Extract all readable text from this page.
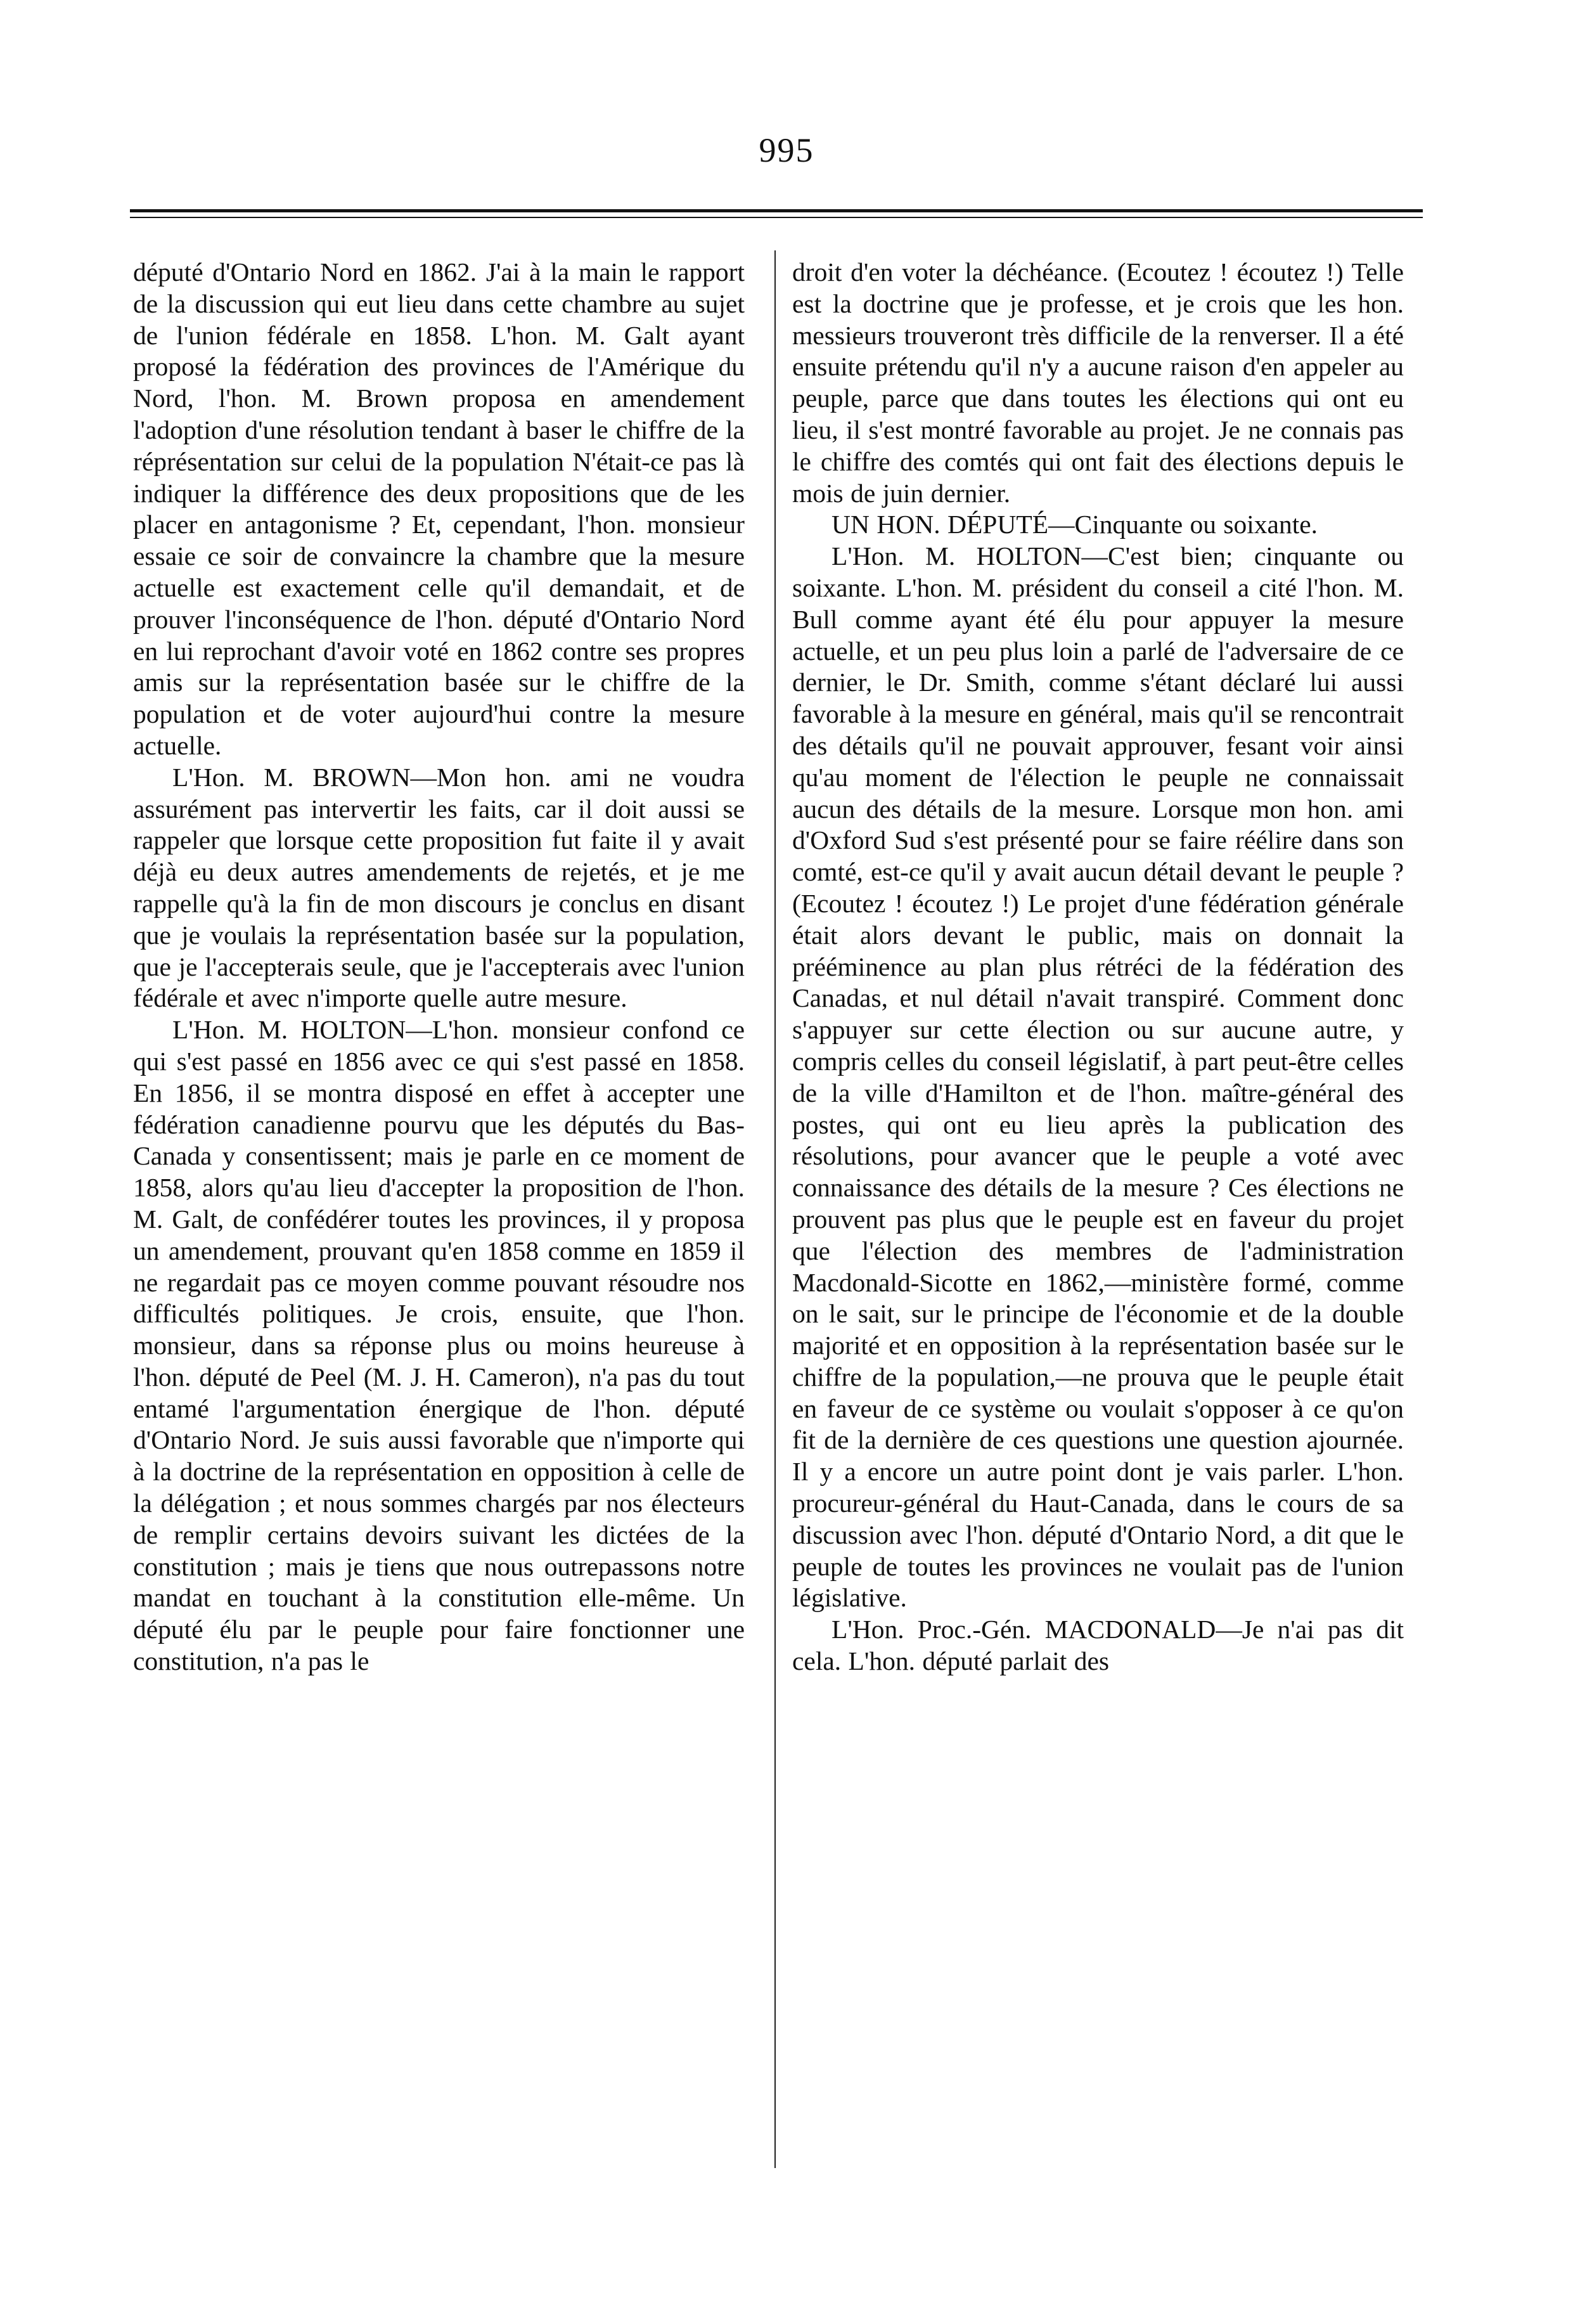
995

député d'Ontario Nord en 1862. J'ai à la main le rapport de la discussion qui eut lieu dans cette chambre au sujet de l'union fédérale en 1858. L'hon. M. Galt ayant proposé la fédération des provinces de l'Amérique du Nord, l'hon. M. Brown proposa en amendement l'adoption d'une résolution tendant à baser le chiffre de la réprésentation sur celui de la population N'était-ce pas là indiquer la différence des deux propositions que de les placer en antagonisme ? Et, cependant, l'hon. monsieur essaie ce soir de convaincre la chambre que la mesure actuelle est exactement celle qu'il demandait, et de prouver l'inconséquence de l'hon. député d'Ontario Nord en lui reprochant d'avoir voté en 1862 contre ses propres amis sur la représentation basée sur le chiffre de la population et de voter aujourd'hui contre la mesure actuelle.

L'Hon. M. BROWN—Mon hon. ami ne voudra assurément pas intervertir les faits, car il doit aussi se rappeler que lorsque cette proposition fut faite il y avait déjà eu deux autres amendements de rejetés, et je me rappelle qu'à la fin de mon discours je conclus en disant que je voulais la représentation basée sur la population, que je l'accepterais seule, que je l'accepterais avec l'union fédérale et avec n'importe quelle autre mesure.

L'Hon. M. HOLTON—L'hon. monsieur confond ce qui s'est passé en 1856 avec ce qui s'est passé en 1858. En 1856, il se montra disposé en effet à accepter une fédération canadienne pourvu que les députés du Bas-Canada y consentissent; mais je parle en ce moment de 1858, alors qu'au lieu d'accepter la proposition de l'hon. M. Galt, de confédérer toutes les provinces, il y proposa un amendement, prouvant qu'en 1858 comme en 1859 il ne regardait pas ce moyen comme pouvant résoudre nos difficultés politiques. Je crois, ensuite, que l'hon. monsieur, dans sa réponse plus ou moins heureuse à l'hon. député de Peel (M. J. H. Cameron), n'a pas du tout entamé l'argumentation énergique de l'hon. député d'Ontario Nord. Je suis aussi favorable que n'importe qui à la doctrine de la représentation en opposition à celle de la délégation ; et nous sommes chargés par nos électeurs de remplir certains devoirs suivant les dictées de la constitution ; mais je tiens que nous outrepassons notre mandat en touchant à la constitution elle-même. Un député élu par le peuple pour faire fonctionner une constitution, n'a pas le

droit d'en voter la déchéance. (Ecoutez ! écoutez !) Telle est la doctrine que je professe, et je crois que les hon. messieurs trouveront très difficile de la renverser. Il a été ensuite prétendu qu'il n'y a aucune raison d'en appeler au peuple, parce que dans toutes les élections qui ont eu lieu, il s'est montré favorable au projet. Je ne connais pas le chiffre des comtés qui ont fait des élections depuis le mois de juin dernier.

UN HON. DÉPUTÉ—Cinquante ou soixante.

L'Hon. M. HOLTON—C'est bien; cinquante ou soixante. L'hon. M. président du conseil a cité l'hon. M. Bull comme ayant été élu pour appuyer la mesure actuelle, et un peu plus loin a parlé de l'adversaire de ce dernier, le Dr. Smith, comme s'étant déclaré lui aussi favorable à la mesure en général, mais qu'il se rencontrait des détails qu'il ne pouvait approuver, fesant voir ainsi qu'au moment de l'élection le peuple ne connaissait aucun des détails de la mesure. Lorsque mon hon. ami d'Oxford Sud s'est présenté pour se faire réélire dans son comté, est-ce qu'il y avait aucun détail devant le peuple ? (Ecoutez ! écoutez !) Le projet d'une fédération générale était alors devant le public, mais on donnait la prééminence au plan plus rétréci de la fédération des Canadas, et nul détail n'avait transpiré. Comment donc s'appuyer sur cette élection ou sur aucune autre, y compris celles du conseil législatif, à part peut-être celles de la ville d'Hamilton et de l'hon. maître-général des postes, qui ont eu lieu après la publication des résolutions, pour avancer que le peuple a voté avec connaissance des détails de la mesure ? Ces élections ne prouvent pas plus que le peuple est en faveur du projet que l'élection des membres de l'administration Macdonald-Sicotte en 1862,—ministère formé, comme on le sait, sur le principe de l'économie et de la double majorité et en opposition à la représentation basée sur le chiffre de la population,—ne prouva que le peuple était en faveur de ce système ou voulait s'opposer à ce qu'on fit de la dernière de ces questions une question ajournée. Il y a encore un autre point dont je vais parler. L'hon. procureur-général du Haut-Canada, dans le cours de sa discussion avec l'hon. député d'Ontario Nord, a dit que le peuple de toutes les provinces ne voulait pas de l'union législative.

L'Hon. Proc.-Gén. MACDONALD—Je n'ai pas dit cela. L'hon. député parlait des
